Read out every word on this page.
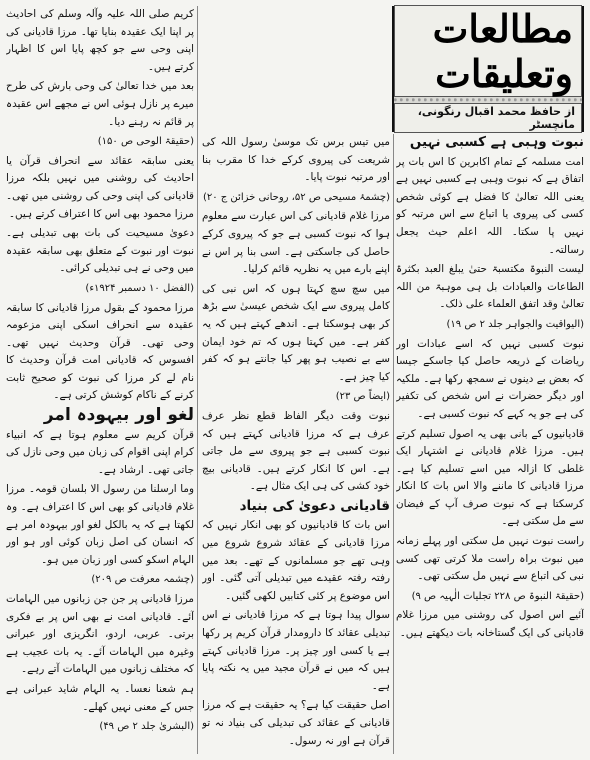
مطالعات وتعلیقات
از حافظ محمد اقبال رنگونی، مانچسٹر

نبوت وہبی ہے کسبی نہیں

امت مسلمہ کے تمام اکابرین کا اس بات پر اتفاق ہے کہ نبوت وہبی ہے کسبی نہیں ہے یعنی اللہ تعالیٰ کا فضل ہے کوئی شخص کسی کی پیروی یا اتباع سے اس مرتبہ کو نہیں پا سکتا۔ اللہ اعلم حیث یجعل رسالتہ۔

لیست النبوۃ مکتسبۃ حتیٰ یبلغ العبد بکثرۃ الطاعات والعبادات بل ہی موہبۃ من اللہ تعالیٰ وقد اتفق العلماء علی ذلک۔

(الیواقیت والجواہر جلد ۲ ص ۱۹)

نبوت کسبی نہیں کہ اسے عبادات اور ریاضات کے ذریعہ حاصل کیا جاسکے جیسا کہ بعض بے دینوں نے سمجھ رکھا ہے۔ ملکیہ اور دیگر حضرات نے اس شخص کی تکفیر کی ہے جو یہ کہے کہ نبوت کسبی ہے۔

قادیانیوں کے بانی بھی یہ اصول تسلیم کرتے ہیں۔ مرزا غلام قادیانی نے اشتہار ایک غلطی کا ازالہ میں اسے تسلیم کیا ہے۔ مرزا قادیانی کا ماننے والا اس بات کا انکار کرسکتا ہے کہ نبوت صرف آپ کے فیضان سے مل سکتی ہے۔

راست نبوت نہیں مل سکتی اور پہلے زمانہ میں نبوت براہ راست ملا کرتی تھی کسی نبی کی اتباع سے نہیں مل سکتی تھی۔

(حقیقۃ النبوۃ ص ۲۲۸ تجلیات الٰہیہ ص ۹)

آئیے اس اصول کی روشنی میں مرزا غلام قادیانی کی ایک گستاخانہ بات دیکھتے ہیں۔

میں تیس برس تک موسیٰ رسول اللہ کی شریعت کی پیروی کرکے خدا کا مقرب بنا اور مرتبہ نبوت پایا۔

(چشمۂ مسیحی ص ۵۲، روحانی خزائن ج ۲۰)

مرزا غلام قادیانی کی اس عبارت سے معلوم ہوا کہ نبوت کسبی ہے جو کہ پیروی کرکے حاصل کی جاسکتی ہے۔ اسی بنا پر اس نے اپنے بارے میں یہ نظریہ قائم کرلیا۔

میں سچ سچ کہتا ہوں کہ اس نبی کی کامل پیروی سے ایک شخص عیسیٰ سے بڑھ کر بھی ہوسکتا ہے۔ اندھے کہتے ہیں کہ یہ کفر ہے۔ میں کہتا ہوں کہ تم خود ایمان سے بے نصیب ہو پھر کیا جانتے ہو کہ کفر کیا چیز ہے۔

(ایضاً ص ۲۳)

نبوت وقت دیگر الفاظ قطع نظر عرف عرف ہے کہ مرزا قادیانی کہتے ہیں کہ نبوت کسبی ہے جو پیروی سے مل جاتی ہے۔ اس کا انکار کرتے ہیں۔ قادیانی بیچ خود کشی کی ہی ایک مثال ہے۔

قادیانی دعویٰ کی بنیاد

اس بات کا قادیانیوں کو بھی انکار نہیں کہ مرزا قادیانی کے عقائد شروع شروع میں وہی تھے جو مسلمانوں کے تھے۔ بعد میں رفتہ رفتہ عقیدے میں تبدیلی آتی گئی۔ اور اس موضوع پر کئی کتابیں لکھی گئیں۔

سوال پیدا ہوتا ہے کہ مرزا قادیانی نے اس تبدیلی عقائد کا دارومدار قرآن کریم پر رکھا ہے یا کسی اور چیز پر۔ مرزا قادیانی کہتے ہیں کہ میں نے قرآن مجید میں یہ نکتہ پایا ہے۔

اصل حقیقت کیا ہے؟ یہ حقیقت ہے کہ مرزا قادیانی کے عقائد کی تبدیلی کی بنیاد نہ تو قرآن ہے اور نہ رسول۔

کریم صلی اللہ علیہ وآلہ وسلم کی احادیث پر اپنا ایک عقیدہ بنایا تھا۔ مرزا قادیانی کی اپنی وحی سے جو کچھ پایا اس کا اظہار کرتے ہیں۔

بعد میں خدا تعالیٰ کی وحی بارش کی طرح میرے پر نازل ہوئی اس نے مجھے اس عقیدہ پر قائم نہ رہنے دیا۔

(حقیقۃ الوحی ص ۱۵۰)

یعنی سابقہ عقائد سے انحراف قرآن یا احادیث کی روشنی میں نہیں بلکہ مرزا قادیانی کی اپنی وحی کی روشنی میں تھی۔ مرزا محمود بھی اس کا اعتراف کرتے ہیں۔

دعویٰ مسیحیت کی بات بھی تبدیلی ہے۔ نبوت اور نبوت کے متعلق بھی سابقہ عقیدہ میں وحی نے ہی تبدیلی کرائی۔

(الفضل ۱۰ دسمبر ۱۹۲۴ء)

مرزا محمود کے بقول مرزا قادیانی کا سابقہ عقیدہ سے انحراف اسکی اپنی مزعومہ وحی تھی۔ قرآن وحدیث نہیں تھی۔ افسوس کہ قادیانی امت قرآن وحدیث کا نام لے کر مرزا کی نبوت کو صحیح ثابت کرنے کے ناکام کوشش کرتی ہے۔

لغو اور بیہودہ امر

قرآن کریم سے معلوم ہوتا ہے کہ انبیاء کرام اپنی اقوام کی زبان میں وحی نازل کی جاتی تھی۔ ارشاد ہے۔

وما ارسلنا من رسول الا بلسان قومہ۔ مرزا غلام قادیانی کو بھی اس کا اعتراف ہے۔ وہ لکھتا ہے کہ یہ بالکل لغو اور بیہودہ امر ہے کہ انسان کی اصل زبان کوئی اور ہو اور الہام اسکو کسی اور زبان میں ہو۔

(چشمہ معرفت ص ۲۰۹)

مرزا قادیانی پر جن جن زبانوں میں الہامات آئے۔ قادیانی امت نے بھی اس پر بے فکری برتی۔ عربی، اردو، انگریزی اور عبرانی وغیرہ میں الہامات آئے۔ یہ بات عجیب ہے کہ مختلف زبانوں میں الہامات آتے رہے۔

ہم شعنا نعسا۔ یہ الہام شاید عبرانی ہے جس کے معنی نہیں کھلے۔

(البشریٰ جلد ۲ ص ۴۹)
